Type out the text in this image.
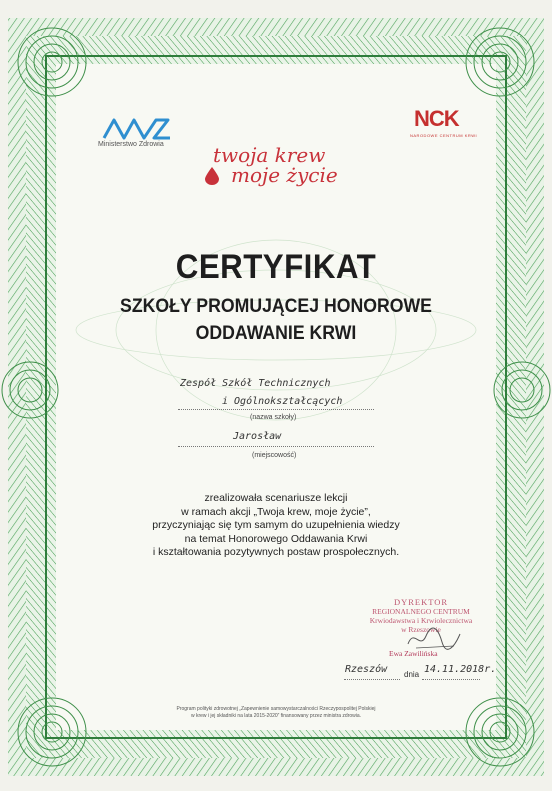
Ministerstwo Zdrowia
NCK
NARODOWE CENTRUM KRWI
twoja krew
moje życie
CERTYFIKAT
SZKOŁY PROMUJĄCEJ HONOROWE
ODDAWANIE KRWI
Zespół Szkół Technicznych
i Ogólnokształcących
(nazwa szkoły)
Jarosław
(miejscowość)
zrealizowała scenariusze lekcji
w ramach akcji „Twoja krew, moje życie”,
przyczyniając się tym samym do uzupełnienia wiedzy
na temat Honorowego Oddawania Krwi
i kształtowania pozytywnych postaw prospołecznych.
DYREKTOR
REGIONALNEGO CENTRUM
Krwiodawstwa i Krwiolecznictwa
w Rzeszowie
Ewa Zawilińska
Rzeszów dnia 14.11.2018r.
Program polityki zdrowotnej „Zapewnienie samowystarczalności Rzeczypospolitej Polskiej
w krew i jej składniki na lata 2015-2020” finansowany przez ministra zdrowia.
